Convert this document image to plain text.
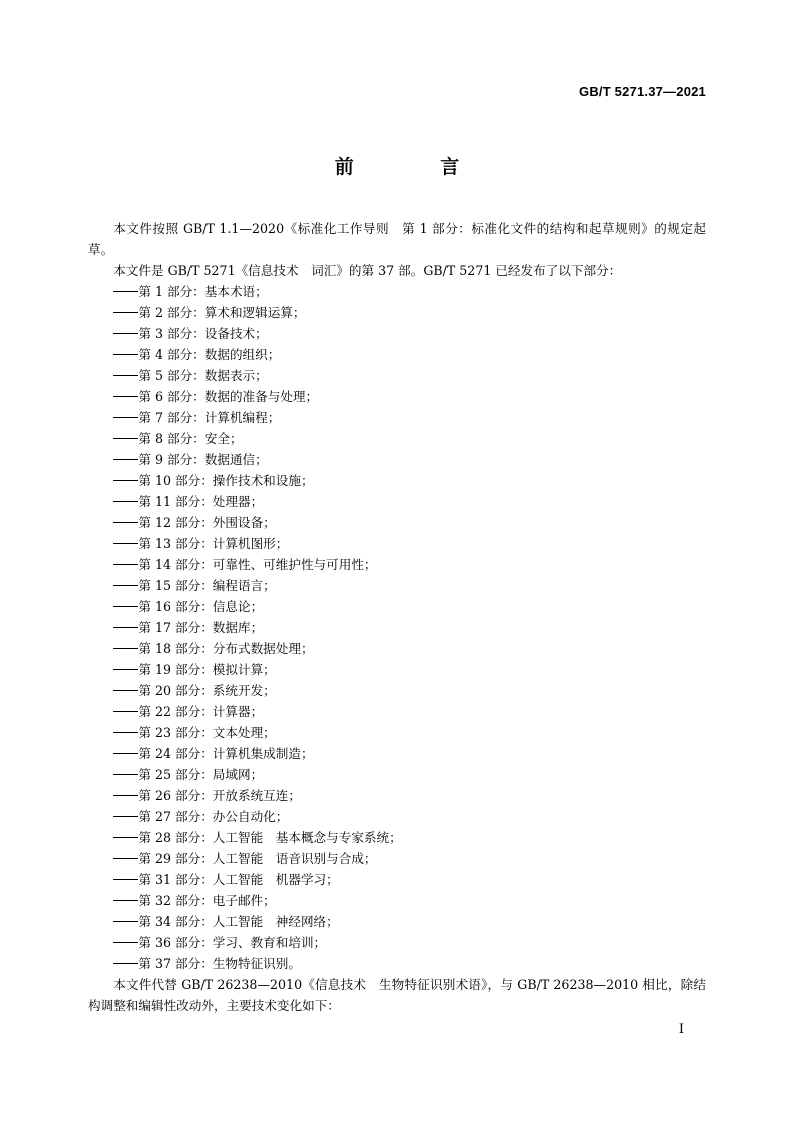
GB/T 5271.37—2021
前 言

本文件按照 GB/T 1.1—2020《标准化工作导则　第 1 部分：标准化文件的结构和起草规则》的规定起草。

本文件是 GB/T 5271《信息技术　词汇》的第 37 部。GB/T 5271 已经发布了以下部分：

第 1 部分：基本术语；
第 2 部分：算术和逻辑运算；
第 3 部分：设备技术；
第 4 部分：数据的组织；
第 5 部分：数据表示；
第 6 部分：数据的准备与处理；
第 7 部分：计算机编程；
第 8 部分：安全；
第 9 部分：数据通信；
第 10 部分：操作技术和设施；
第 11 部分：处理器；
第 12 部分：外围设备；
第 13 部分：计算机图形；
第 14 部分：可靠性、可维护性与可用性；
第 15 部分：编程语言；
第 16 部分：信息论；
第 17 部分：数据库；
第 18 部分：分布式数据处理；
第 19 部分：模拟计算；
第 20 部分：系统开发；
第 22 部分：计算器；
第 23 部分：文本处理；
第 24 部分：计算机集成制造；
第 25 部分：局域网；
第 26 部分：开放系统互连；
第 27 部分：办公自动化；
第 28 部分：人工智能　基本概念与专家系统；
第 29 部分：人工智能　语音识别与合成；
第 31 部分：人工智能　机器学习；
第 32 部分：电子邮件；
第 34 部分：人工智能　神经网络；
第 36 部分：学习、教育和培训；
第 37 部分：生物特征识别。

本文件代替 GB/T 26238—2010《信息技术　生物特征识别术语》，与 GB/T 26238—2010 相比，除结构调整和编辑性改动外，主要技术变化如下：

I
